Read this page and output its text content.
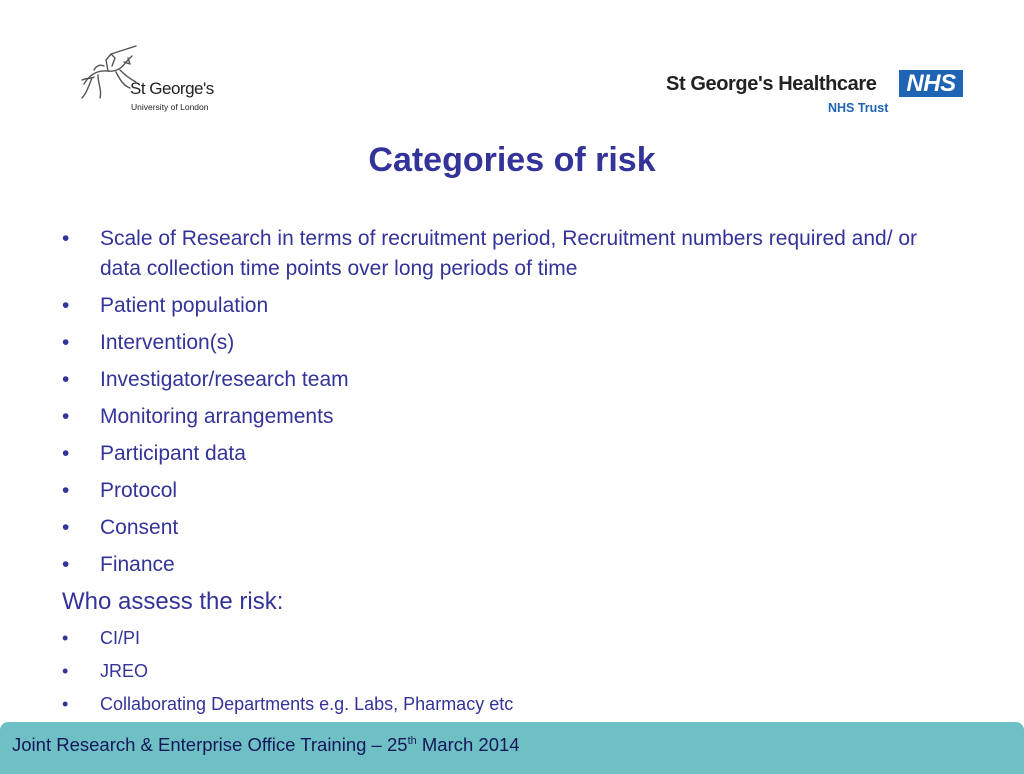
St George's
University of London
St George's Healthcare	NHS
NHS Trust
Categories of risk
• Scale of Research in terms of recruitment period, Recruitment numbers required and/ or data collection time points over long periods of time
• Patient population
• Intervention(s)
• Investigator/research team
• Monitoring arrangements
• Participant data
• Protocol
• Consent
• Finance

Who assess the risk:

• CI/PI
• JREO
• Collaborating Departments e.g. Labs, Pharmacy etc
Joint Research & Enterprise Office Training – 25th March 2014
